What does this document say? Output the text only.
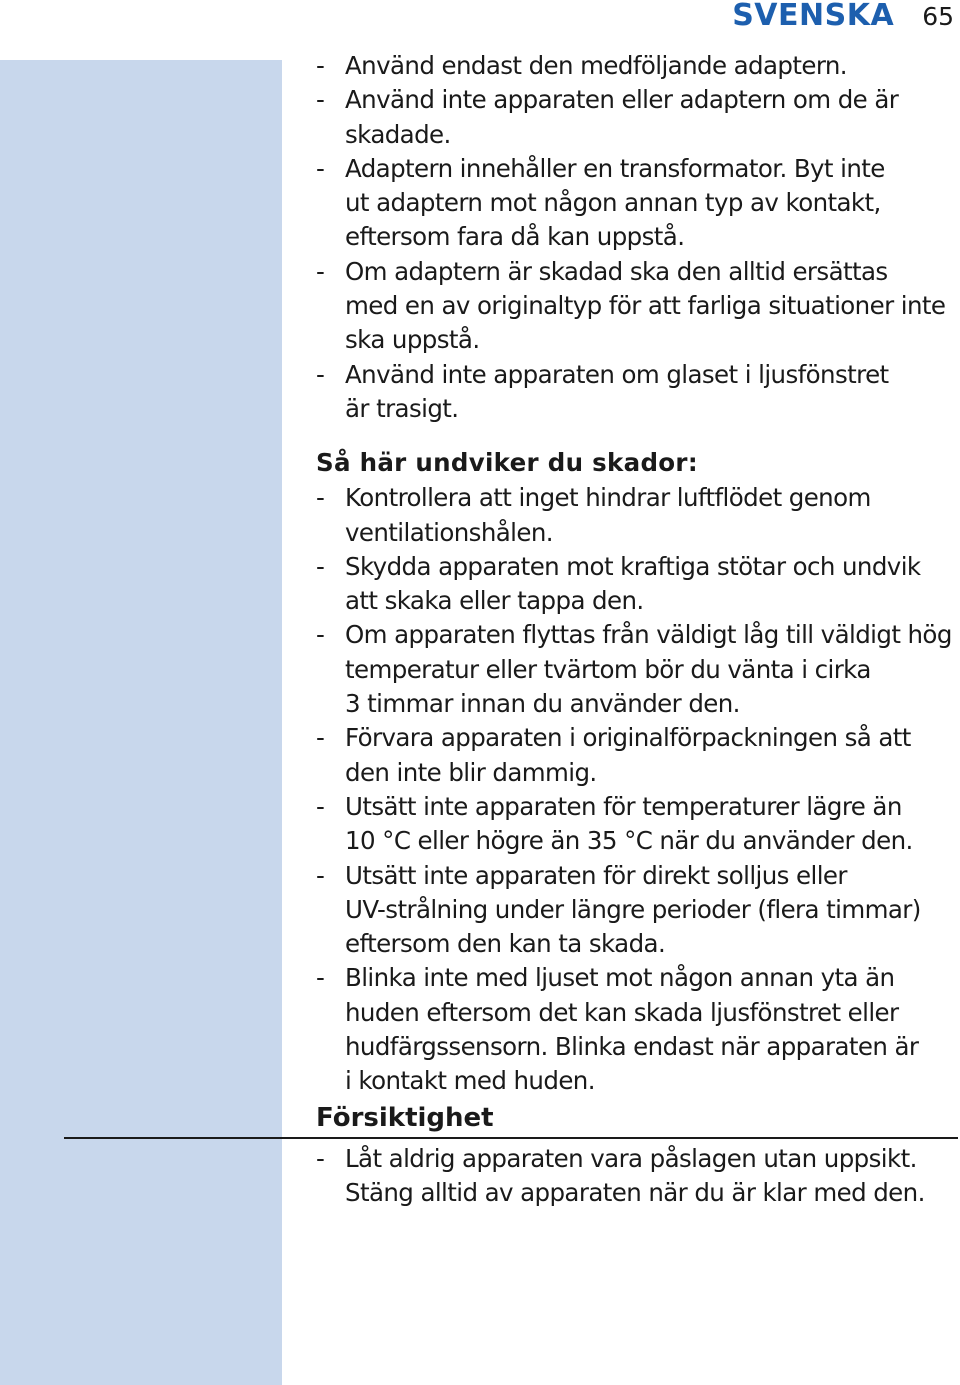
SVENSKA 65
- Använd endast den medföljande adaptern.
- Använd inte apparaten eller adaptern om de är
skadade.
- Adaptern innehåller en transformator. Byt inte
ut adaptern mot någon annan typ av kontakt,
eftersom fara då kan uppstå.
- Om adaptern är skadad ska den alltid ersättas
med en av originaltyp för att farliga situationer inte
ska uppstå.
- Använd inte apparaten om glaset i ljusfönstret
är trasigt.
Så här undviker du skador:
- Kontrollera att inget hindrar luftflödet genom
ventilationshålen.
- Skydda apparaten mot kraftiga stötar och undvik
att skaka eller tappa den.
- Om apparaten flyttas från väldigt låg till väldigt hög
temperatur eller tvärtom bör du vänta i cirka
3 timmar innan du använder den.
- Förvara apparaten i originalförpackningen så att
den inte blir dammig.
- Utsätt inte apparaten för temperaturer lägre än
10 °C eller högre än 35 °C när du använder den.
- Utsätt inte apparaten för direkt solljus eller
UV-strålning under längre perioder (flera timmar)
eftersom den kan ta skada.
- Blinka inte med ljuset mot någon annan yta än
huden eftersom det kan skada ljusfönstret eller
hudfärgssensorn. Blinka endast när apparaten är
i kontakt med huden.
Försiktighet
- Låt aldrig apparaten vara påslagen utan uppsikt.
Stäng alltid av apparaten när du är klar med den.
